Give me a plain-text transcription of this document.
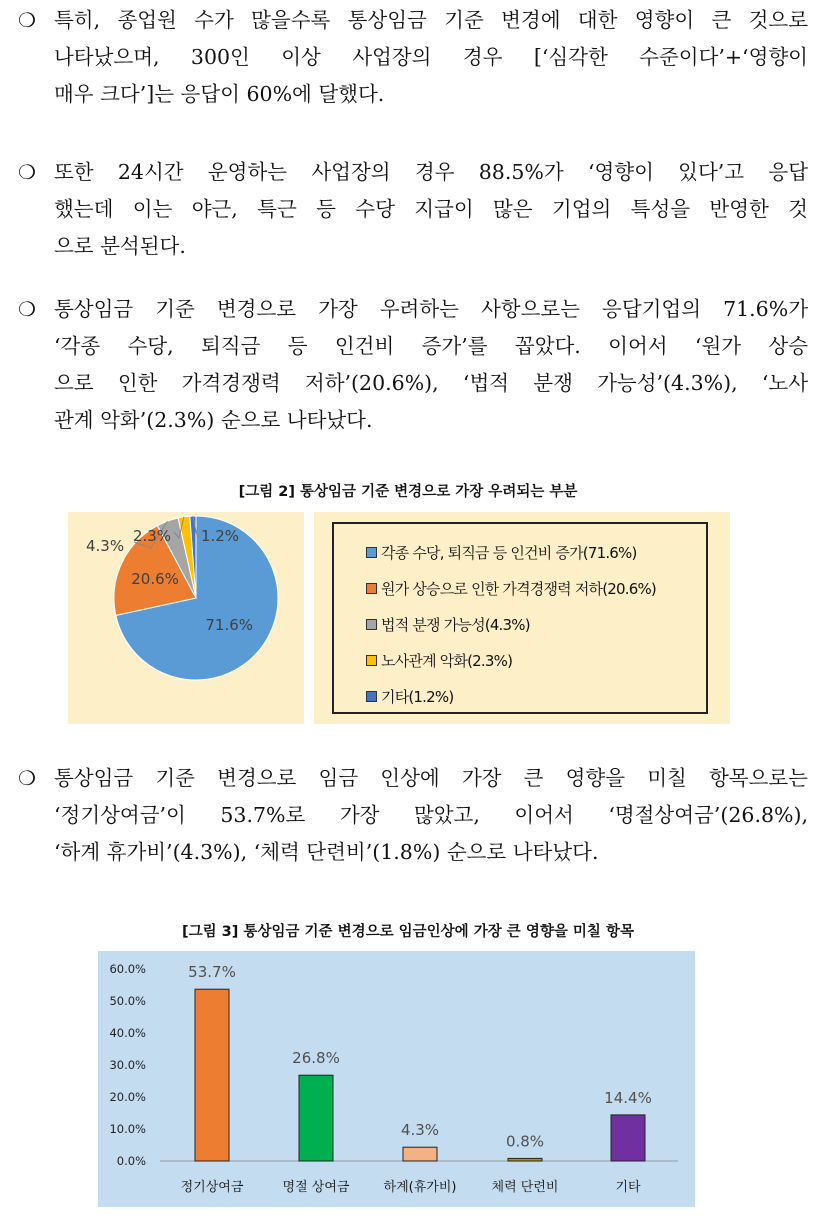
❍ 특히, 종업원 수가 많을수록 통상임금 기준 변경에 대한 영향이 큰 것으로
나타났으며, 300인 이상 사업장의 경우 [‘심각한 수준이다’+‘영향이
매우 크다’]는 응답이 60%에 달했다.
❍ 또한 24시간 운영하는 사업장의 경우 88.5%가 ‘영향이 있다’고 응답
했는데 이는 야근, 특근 등 수당 지급이 많은 기업의 특성을 반영한 것
으로 분석된다.
❍ 통상임금 기준 변경으로 가장 우려하는 사항으로는 응답기업의 71.6%가
‘각종 수당, 퇴직금 등 인건비 증가’를 꼽았다. 이어서 ‘원가 상승
으로 인한 가격경쟁력 저하’(20.6%), ‘법적 분쟁 가능성’(4.3%), ‘노사
관계 악화’(2.3%) 순으로 나타났다.
[그림 2] 통상임금 기준 변경으로 가장 우려되는 부분
71.6%
20.6%
4.3%
2.3% 1.2%
각종 수당, 퇴직금 등 인건비 증가(71.6%)
원가 상승으로 인한 가격경쟁력 저하(20.6%)
법적 분쟁 가능성(4.3%)
노사관계 악화(2.3%)
기타(1.2%)
❍ 통상임금 기준 변경으로 임금 인상에 가장 큰 영향을 미칠 항목으로는
‘정기상여금’이 53.7%로 가장 많았고, 이어서 ‘명절상여금’(26.8%),
‘하계 휴가비’(4.3%), ‘체력 단련비’(1.8%) 순으로 나타났다.
[그림 3] 통상임금 기준 변경으로 임금인상에 가장 큰 영향을 미칠 항목
0.0%
10.0%
20.0%
30.0%
40.0%
50.0%
60.0%	53.7%
정기상여금
26.8%
명절 상여금
4.3%
하계(휴가비)
0.8%
체력 단련비
14.4%
기타
